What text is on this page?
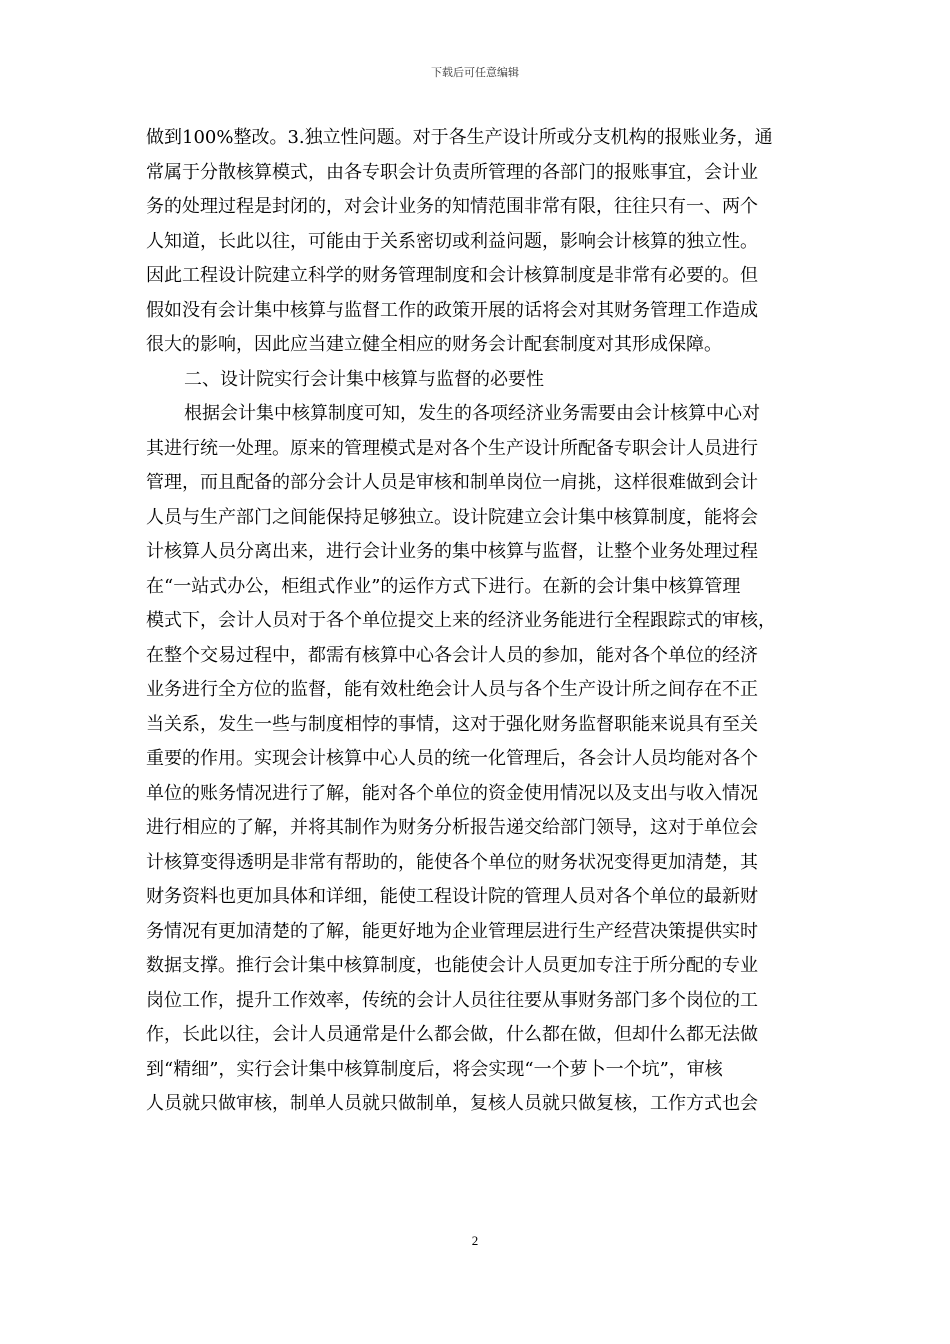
下载后可任意编辑
做到100%整改。3.独立性问题。对于各生产设计所或分支机构的报账业务，通
常属于分散核算模式，由各专职会计负责所管理的各部门的报账事宜，会计业
务的处理过程是封闭的，对会计业务的知情范围非常有限，往往只有一、两个
人知道，长此以往，可能由于关系密切或利益问题，影响会计核算的独立性。
因此工程设计院建立科学的财务管理制度和会计核算制度是非常有必要的。但
假如没有会计集中核算与监督工作的政策开展的话将会对其财务管理工作造成
很大的影响，因此应当建立健全相应的财务会计配套制度对其形成保障。
二、设计院实行会计集中核算与监督的必要性
根据会计集中核算制度可知，发生的各项经济业务需要由会计核算中心对
其进行统一处理。原来的管理模式是对各个生产设计所配备专职会计人员进行
管理，而且配备的部分会计人员是审核和制单岗位一肩挑，这样很难做到会计
人员与生产部门之间能保持足够独立。设计院建立会计集中核算制度，能将会
计核算人员分离出来，进行会计业务的集中核算与监督，让整个业务处理过程
在“一站式办公，柜组式作业”的运作方式下进行。在新的会计集中核算管理
模式下，会计人员对于各个单位提交上来的经济业务能进行全程跟踪式的审核，
在整个交易过程中，都需有核算中心各会计人员的参加，能对各个单位的经济
业务进行全方位的监督，能有效杜绝会计人员与各个生产设计所之间存在不正
当关系，发生一些与制度相悖的事情，这对于强化财务监督职能来说具有至关
重要的作用。实现会计核算中心人员的统一化管理后，各会计人员均能对各个
单位的账务情况进行了解，能对各个单位的资金使用情况以及支出与收入情况
进行相应的了解，并将其制作为财务分析报告递交给部门领导，这对于单位会
计核算变得透明是非常有帮助的，能使各个单位的财务状况变得更加清楚，其
财务资料也更加具体和详细，能使工程设计院的管理人员对各个单位的最新财
务情况有更加清楚的了解，能更好地为企业管理层进行生产经营决策提供实时
数据支撑。推行会计集中核算制度，也能使会计人员更加专注于所分配的专业
岗位工作，提升工作效率，传统的会计人员往往要从事财务部门多个岗位的工
作，长此以往，会计人员通常是什么都会做，什么都在做，但却什么都无法做
到“精细”，实行会计集中核算制度后，将会实现“一个萝卜一个坑”，审核
人员就只做审核，制单人员就只做制单，复核人员就只做复核，工作方式也会
2
